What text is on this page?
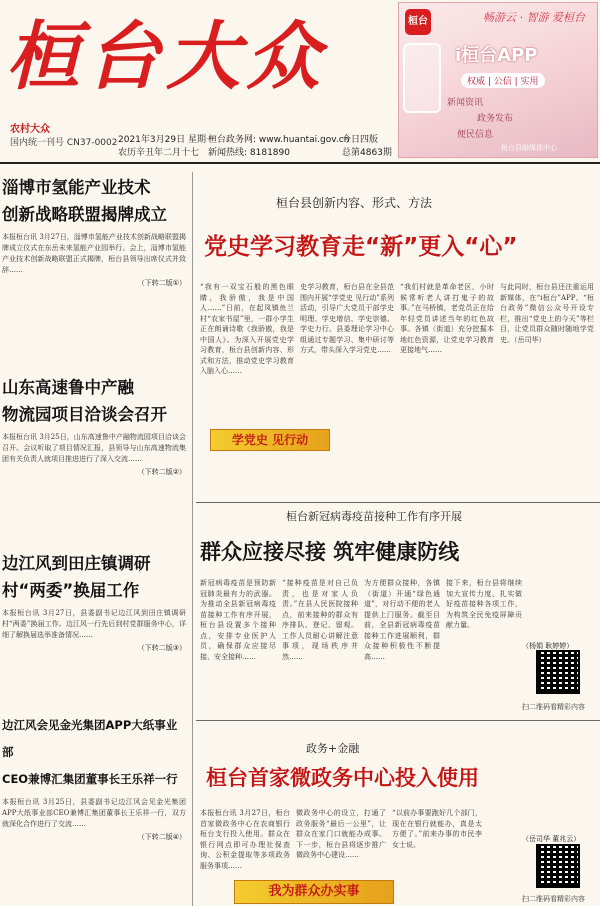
桓台大众
农村大众
国内统一刊号 CN37-0002 2021年3月29日 星期一
农历辛丑年二月十七
桓台政务网: www.huantai.gov.cn
新闻热线: 8181890
今日四版
总第4863期
桓台	畅游云 · 智游 爱桓台
i桓台APP
权威 | 公信 | 实用
新闻资讯
政务发布
便民信息
桓台县融媒体中心
淄博市氢能产业技术
创新战略联盟揭牌成立
本报桓台讯 3月27日，淄博市氢能产业技术创新战略联盟揭牌成立仪式在东岳未来氢能产业园举行。会上，淄博市氢能产业技术创新战略联盟正式揭牌，桓台县领导出席仪式并致辞……
（下转二版①）
山东高速鲁中产融
物流园项目洽谈会召开
本报桓台讯 3月25日，山东高速鲁中产融物流园项目洽谈会召开。会议听取了项目情况汇报，县领导与山东高速物流集团有关负责人就项目推进进行了深入交流……
（下转二版②）
边江风到田庄镇调研
村“两委”换届工作
本报桓台讯 3月27日，县委副书记边江风到田庄镇调研村“两委”换届工作。边江风一行先后到村党群服务中心，详细了解换届选举准备情况……
（下转二版③）
边江风会见金光集团APP大纸事业部
CEO兼博汇集团董事长王乐祥一行
本报桓台讯 3月25日，县委副书记边江风会见金光集团APP大纸事业部CEO兼博汇集团董事长王乐祥一行，双方就深化合作进行了交流……
（下转二版④）
桓台县创新内容、形式、方法
党史学习教育走“新”更入“心”

“我有一双宝石般的黑色眼睛，我骄傲，我是中国人……”日前，在起凤镇鱼兰村“农家书屋”里，一群小学生正在朗诵诗歌《我骄傲，我是中国人》。为深入开展党史学习教育，桓台县创新内容、形式和方法，推动党史学习教育入脑入心……

史学习教育，桓台县在全县范围内开展“学党史 见行动”系列活动，引导广大党员干部学史明理、学史增信、学史崇德、学史力行。县委理论学习中心组通过专题学习、集中研讨等方式，带头深入学习党史……

“我们村就是革命老区，小时候常听老人讲打鬼子的故事。”在马桥镇，老党员正在给年轻党员讲述当年的红色故事。各镇（街道）充分挖掘本地红色资源，让党史学习教育更接地气……

与此同时，桓台县还注重运用新媒体，在“i桓台”APP、“桓台政务”微信公众号开设专栏，推出“党史上的今天”等栏目，让党员群众随时随地学党史。（岳司华）

学党史 见行动
桓台新冠病毒疫苗接种工作有序开展
群众应接尽接 筑牢健康防线

新冠病毒疫苗是预防新冠肺炎最有力的武器。为推动全县新冠病毒疫苗接种工作有序开展，桓台县设置多个接种点，安排专业医护人员，确保群众应接尽接、安全接种……

“接种疫苗是对自己负责，也是对家人负责。”在县人民医院接种点，前来接种的群众有序排队、登记、留观。工作人员耐心讲解注意事项，现场秩序井然……

为方便群众接种，各镇（街道）开通“绿色通道”，对行动不便的老人提供上门服务。截至目前，全县新冠病毒疫苗接种工作进展顺利，群众接种积极性不断提高……

接下来，桓台县将继续加大宣传力度，扎实做好疫苗接种各项工作，为构筑全民免疫屏障贡献力量。

（杨娟 耿婷婷）
扫二维码看精彩内容
政务+金融
桓台首家微政务中心投入使用

本报桓台讯 3月27日，桓台首家微政务中心在农商银行桓台支行投入使用。群众在银行网点即可办理社保查询、公积金提取等多项政务服务事项……

微政务中心的设立，打通了政务服务“最后一公里”，让群众在家门口就能办成事。下一步，桓台县将逐步推广微政务中心建设……

“以前办事要跑好几个部门，现在在银行就能办，真是太方便了。”前来办事的市民李女士说。

（岳司华 董兆云）
我为群众办实事	扫二维码看精彩内容
